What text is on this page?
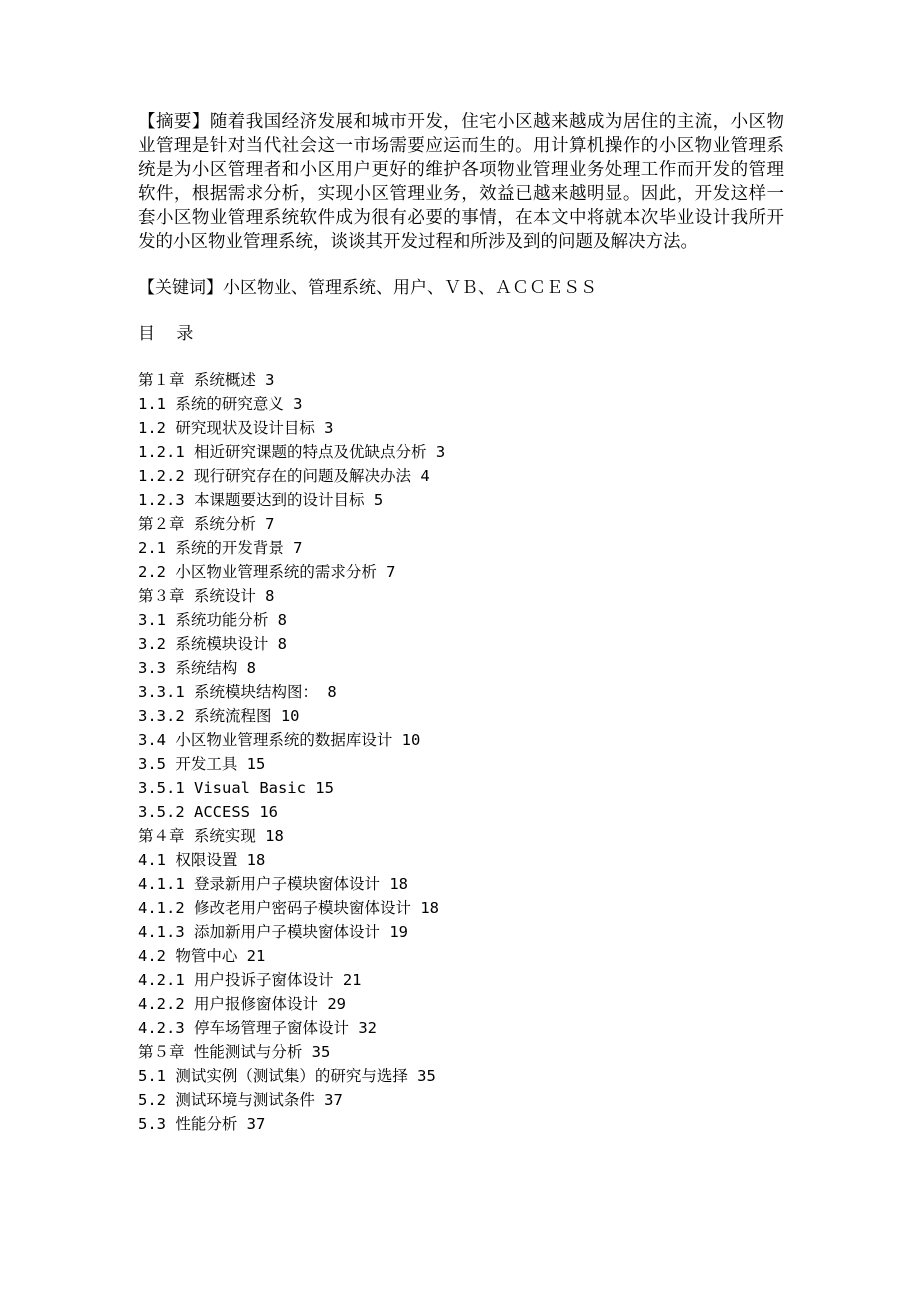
【摘要】随着我国经济发展和城市开发，住宅小区越来越成为居住的主流，小区物业管理是针对当代社会这一市场需要应运而生的。用计算机操作的小区物业管理系统是为小区管理者和小区用户更好的维护各项物业管理业务处理工作而开发的管理软件，根据需求分析，实现小区管理业务，效益已越来越明显。因此，开发这样一套小区物业管理系统软件成为很有必要的事情，在本文中将就本次毕业设计我所开发的小区物业管理系统，谈谈其开发过程和所涉及到的问题及解决方法。

【关键词】小区物业、管理系统、用户、ＶＢ、ＡＣＣＥＳＳ

目 录

第１章 系统概述 3
1.1 系统的研究意义 3
1.2 研究现状及设计目标 3
1.2.1 相近研究课题的特点及优缺点分析 3
1.2.2 现行研究存在的问题及解决办法 4
1.2.3 本课题要达到的设计目标 5
第２章 系统分析 7
2.1 系统的开发背景 7
2.2 小区物业管理系统的需求分析 7
第３章 系统设计 8
3.1 系统功能分析 8
3.2 系统模块设计 8
3.3 系统结构 8
3.3.1 系统模块结构图： 8
3.3.2 系统流程图 10
3.4 小区物业管理系统的数据库设计 10
3.5 开发工具 15
3.5.1 Visual Basic 15
3.5.2 ACCESS 16
第４章 系统实现 18
4.1 权限设置 18
4.1.1 登录新用户子模块窗体设计 18
4.1.2 修改老用户密码子模块窗体设计 18
4.1.3 添加新用户子模块窗体设计 19
4.2 物管中心 21
4.2.1 用户投诉子窗体设计 21
4.2.2 用户报修窗体设计 29
4.2.3 停车场管理子窗体设计 32
第５章 性能测试与分析 35
5.1 测试实例（测试集）的研究与选择 35
5.2 测试环境与测试条件 37
5.3 性能分析 37
